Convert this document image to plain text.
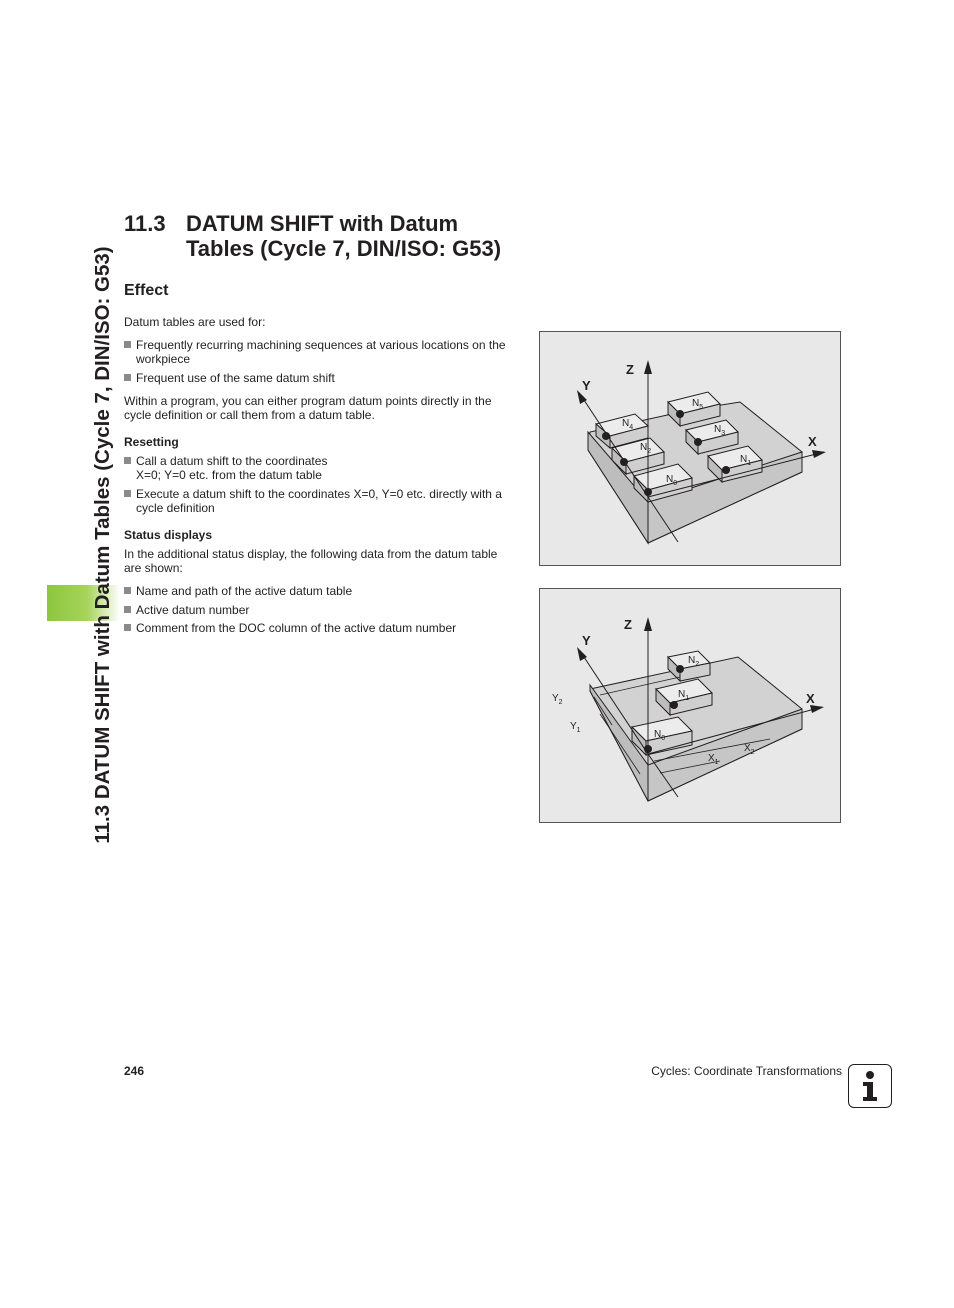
11.3 DATUM SHIFT with Datum Tables (Cycle 7, DIN/ISO: G53)
11.3 DATUM SHIFT with Datum
Tables (Cycle 7, DIN/ISO: G53)
Effect
Datum tables are used for:
Frequently recurring machining sequences at various locations on the workpiece
Frequent use of the same datum shift
Within a program, you can either program datum points directly in the cycle definition or call them from a datum table.
Resetting
Call a datum shift to the coordinates X=0; Y=0 etc. from the datum table
Execute a datum shift to the coordinates X=0, Y=0 etc. directly with a cycle definition
Status displays
In the additional status display, the following data from the datum table are shown:
Name and path of the active datum table
Active datum number
Comment from the DOC column of the active datum number
Z
Y
X
$N_0$
$N_1$
$N_2$
$N_3$
$N_4$
$N_5$
Z
Y
X
$N_0$
$N_1$
$N_2$
$X_1$
$X_2$
$Y_1$
$Y_2$
246	Cycles: Coordinate Transformations
